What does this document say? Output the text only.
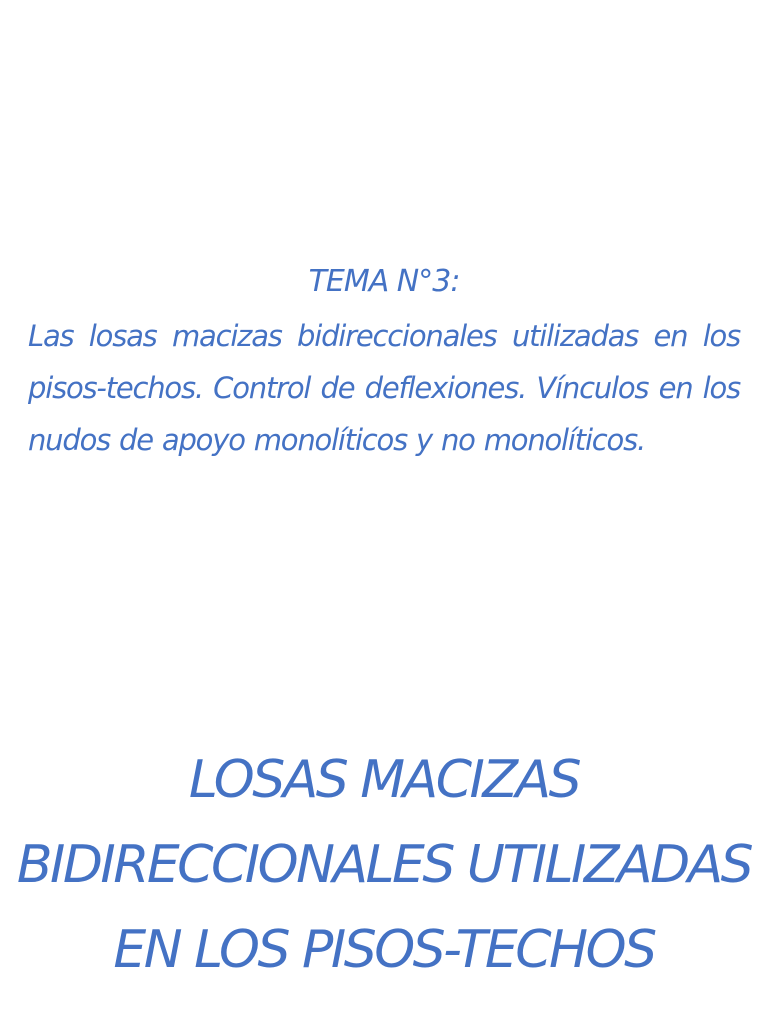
TEMA N°3:
Las losas macizas bidireccionales utilizadas en los pisos-techos. Control de deflexiones. Vínculos en los nudos de apoyo monolíticos y no monolíticos.
LOSAS MACIZAS BIDIRECCIONALES UTILIZADAS EN LOS PISOS-TECHOS
